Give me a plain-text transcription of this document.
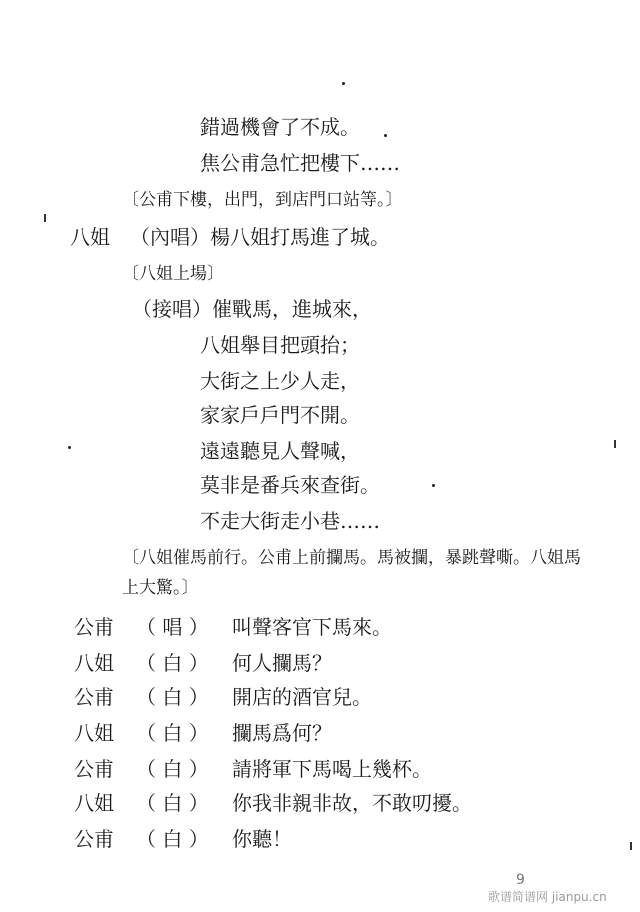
錯過機會了不成。
焦公甫急忙把樓下……
〔公甫下樓，出門，到店門口站等。〕
八姐 （內唱）楊八姐打馬進了城。
〔八姐上場〕
（接唱）催戰馬，進城來，
八姐舉目把頭抬；
大街之上少人走，
家家戶戶門不開。
遠遠聽見人聲喊，
莫非是番兵來查街。
不走大街走小巷……
〔八姐催馬前行。公甫上前攔馬。馬被攔，暴跳聲嘶。八姐馬
上大驚。〕
公甫 （ 唱 ） 叫聲客官下馬來。
八姐 （ 白 ） 何人攔馬？
公甫 （ 白 ） 開店的酒官兒。
八姐 （ 白 ） 攔馬爲何？
公甫 （ 白 ） 請將軍下馬喝上幾杯。
八姐 （ 白 ） 你我非親非故，不敢叨擾。
公甫 （ 白 ） 你聽！
9
歌谱简谱网 jianpu.cn
